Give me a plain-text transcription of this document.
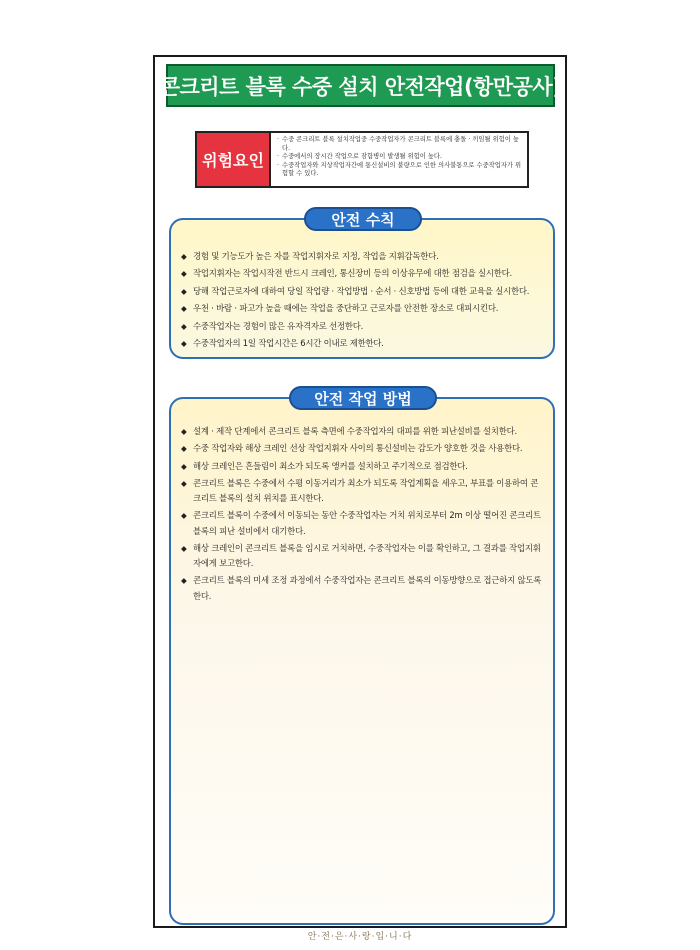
콘크리트 블록 수중 설치 안전작업(항만공사)
위험요인
· 수중 콘크리트 블록 설치작업중 수중작업자가 콘크리트 블록에 충돌 · 끼임될 위험이 높다.
· 수중에서의 장시간 작업으로 잠함병이 발생될 위험이 높다.
· 수중작업자와 지상작업자간에 통신설비의 불량으로 인한 의사불통으로 수중작업자가 위험할 수 있다.
안전 수칙
◆ 경험 및 기능도가 높은 자를 작업지휘자로 지정, 작업을 지휘감독한다.
◆ 작업지휘자는 작업시작전 반드시 크레인, 통신장비 등의 이상유무에 대한 점검을 실시한다.
◆ 당해 작업근로자에 대하여 당일 작업량 · 작업방법 · 순서 · 신호방법 등에 대한 교육을 실시한다.
◆ 우천 · 바람 · 파고가 높을 때에는 작업을 중단하고 근로자를 안전한 장소로 대피시킨다.
◆ 수중작업자는 경험이 많은 유자격자로 선정한다.
◆ 수중작업자의 1일 작업시간은 6시간 이내로 제한한다.
안전 작업 방법
◆ 설계 · 제작 단계에서 콘크리트 블록 측면에 수중작업자의 대피를 위한 피난설비를 설치한다.
◆ 수중 작업자와 해상 크레인 선상 작업지휘자 사이의 통신설비는 감도가 양호한 것을 사용한다.
◆ 해상 크레인은 흔들림이 최소가 되도록 앵커를 설치하고 주기적으로 점검한다.
◆ 콘크리트 블록은 수중에서 수평 이동거리가 최소가 되도록 작업계획을 세우고, 부표를 이용하여 콘크리트 블록의 설치 위치를 표시한다.
◆ 콘크리트 블록이 수중에서 이동되는 동안 수중작업자는 거치 위치로부터 2m 이상 떨어진 콘크리트 블록의 피난 설비에서 대기한다.
◆ 해상 크레인이 콘크리트 블록을 임시로 거치하면, 수중작업자는 이를 확인하고, 그 결과를 작업지휘자에게 보고한다.
◆ 콘크리트 블록의 미세 조정 과정에서 수중작업자는 콘크리트 블록의 이동방향으로 접근하지 않도록 한다.
안·전·은·사·랑·입·니·다
